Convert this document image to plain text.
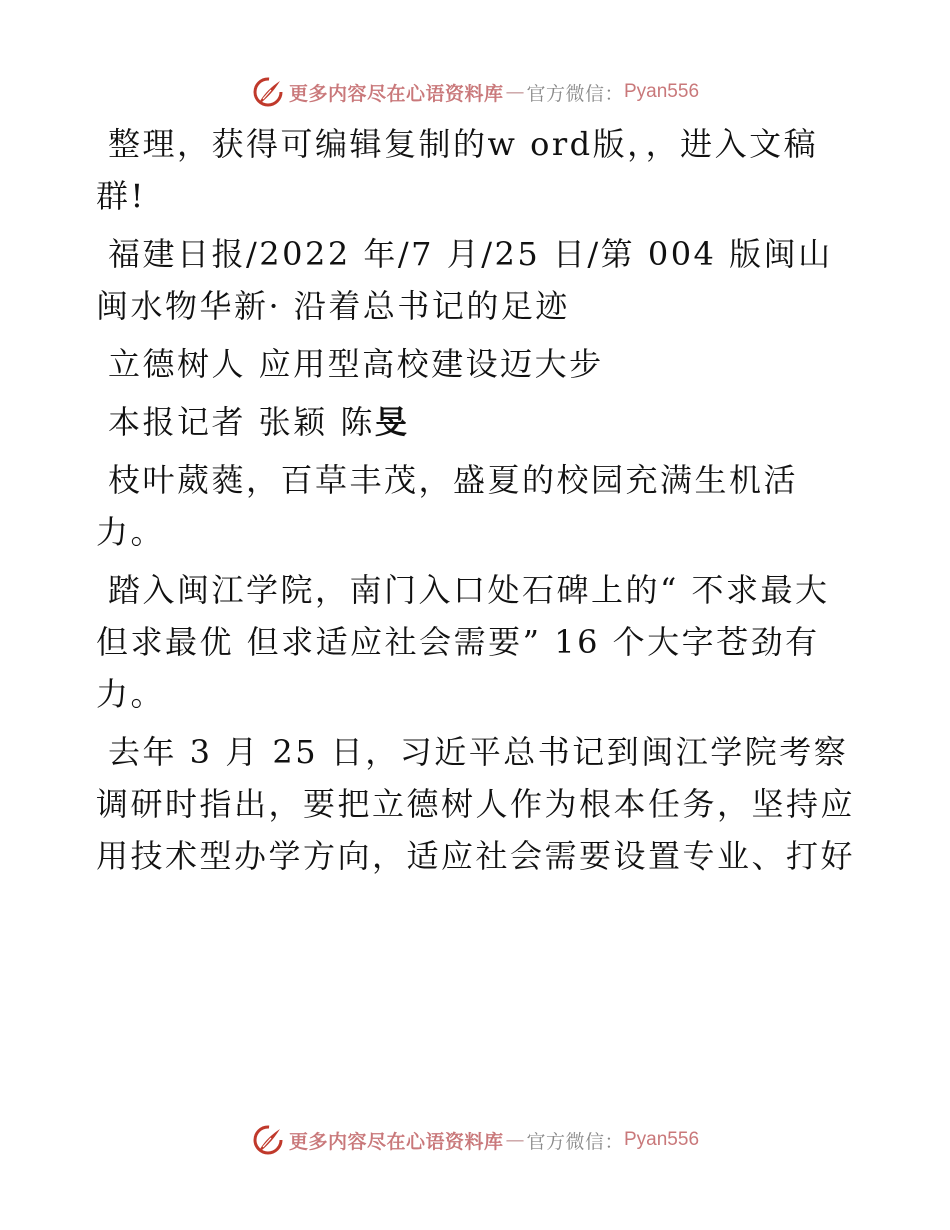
更多内容尽在心语资料库 — 官方微信： Pyan556

整理，获得可编辑复制的w ord版，，进入文稿群!

福建日报/2022 年/7 月/25 日/第 004 版闽山闽水物华新· 沿着总书记的足迹

立德树人 应用型高校建设迈大步

本报记者 张颖 陈旻

枝叶葳蕤，百草丰茂，盛夏的校园充满生机活力。

踏入闽江学院，南门入口处石碑上的“ 不求最大但求最优 但求适应社会需要” 16 个大字苍劲有力。

去年 3 月 25 日，习近平总书记到闽江学院考察调研时指出，要把立德树人作为根本任务，坚持应用技术型办学方向，适应社会需要设置专业、打好

更多内容尽在心语资料库 — 官方微信： Pyan556
